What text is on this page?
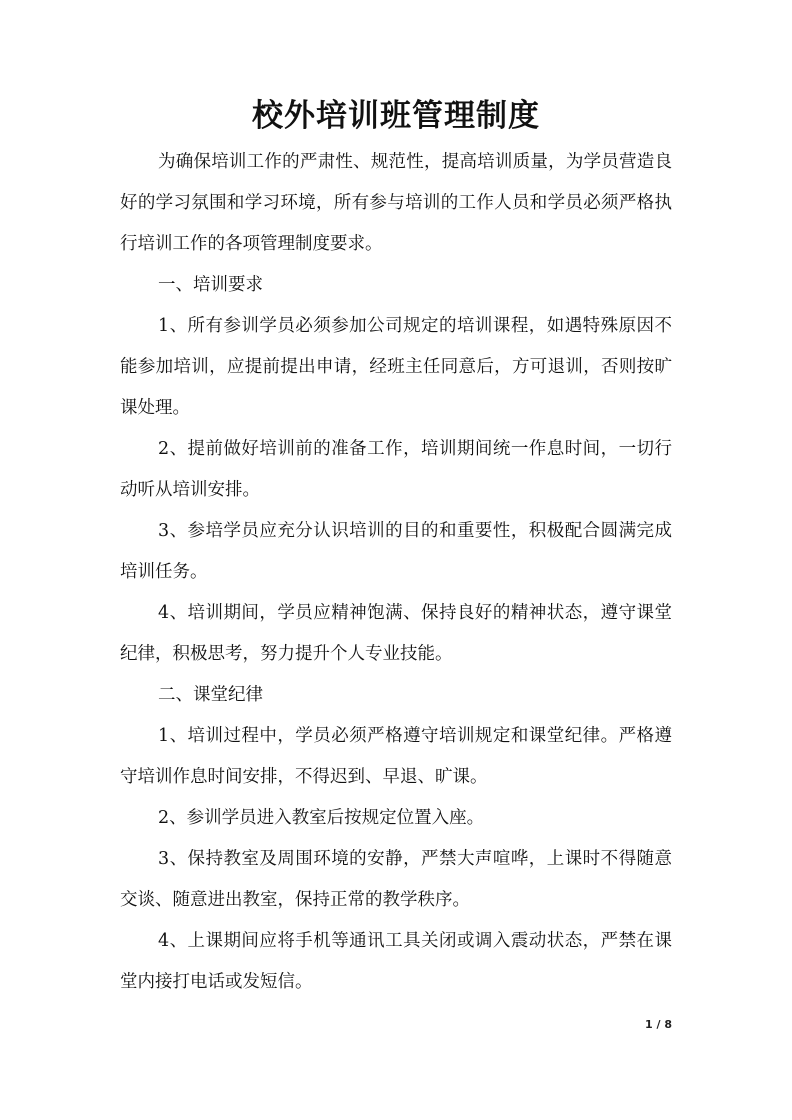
校外培训班管理制度

为确保培训工作的严肃性、规范性，提高培训质量，为学员营造良好的学习氛围和学习环境，所有参与培训的工作人员和学员必须严格执行培训工作的各项管理制度要求。

一、培训要求

1、所有参训学员必须参加公司规定的培训课程，如遇特殊原因不能参加培训，应提前提出申请，经班主任同意后，方可退训，否则按旷课处理。

2、提前做好培训前的准备工作，培训期间统一作息时间，一切行动听从培训安排。

3、参培学员应充分认识培训的目的和重要性，积极配合圆满完成培训任务。

4、培训期间，学员应精神饱满、保持良好的精神状态，遵守课堂纪律，积极思考，努力提升个人专业技能。

二、课堂纪律

1、培训过程中，学员必须严格遵守培训规定和课堂纪律。严格遵守培训作息时间安排，不得迟到、早退、旷课。

2、参训学员进入教室后按规定位置入座。

3、保持教室及周围环境的安静，严禁大声喧哗，上课时不得随意交谈、随意进出教室，保持正常的教学秩序。

4、上课期间应将手机等通讯工具关闭或调入震动状态，严禁在课堂内接打电话或发短信。

1 / 8
